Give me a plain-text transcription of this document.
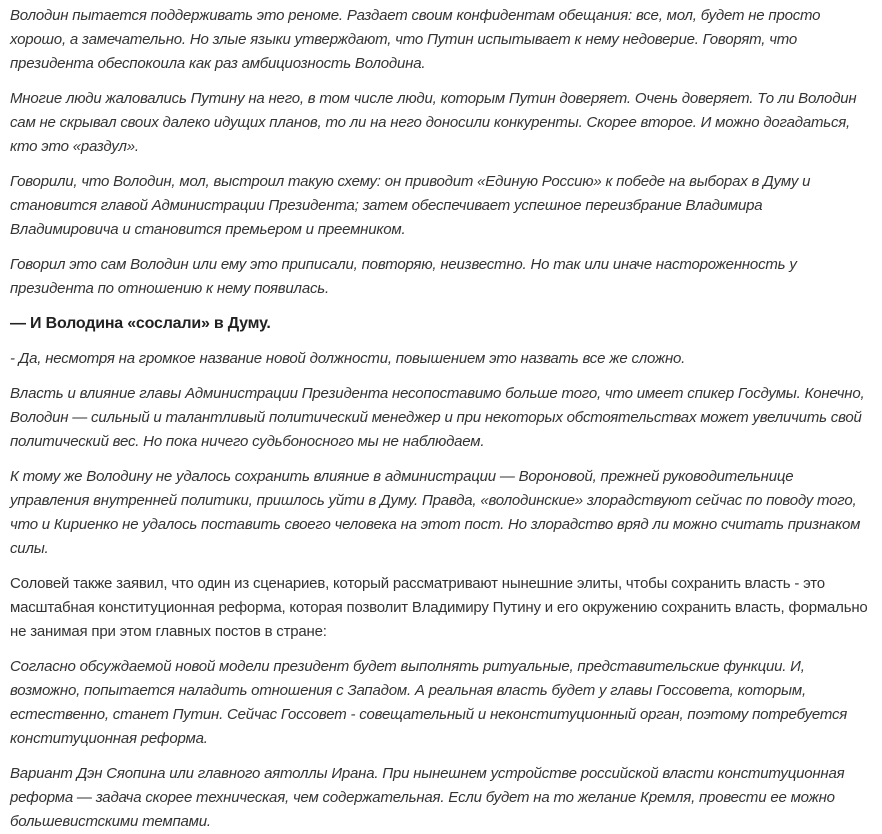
Володин пытается поддерживать это реноме. Раздает своим конфидентам обещания: все, мол, будет не просто хорошо, а замечательно. Но злые языки утверждают, что Путин испытывает к нему недоверие. Говорят, что президента обеспокоила как раз амбициозность Володина.

Многие люди жаловались Путину на него, в том числе люди, которым Путин доверяет. Очень доверяет. То ли Володин сам не скрывал своих далеко идущих планов, то ли на него доносили конкуренты. Скорее второе. И можно догадаться, кто это «раздул».

Говорили, что Володин, мол, выстроил такую схему: он приводит «Единую Россию» к победе на выборах в Думу и становится главой Администрации Президента; затем обеспечивает успешное переизбрание Владимира Владимировича и становится премьером и преемником.

Говорил это сам Володин или ему это приписали, повторяю, неизвестно. Но так или иначе настороженность у президента по отношению к нему появилась.

— И Володина «сослали» в Думу.

- Да, несмотря на громкое название новой должности, повышением это назвать все же сложно.

Власть и влияние главы Администрации Президента несопоставимо больше того, что имеет спикер Госдумы. Конечно, Володин — сильный и талантливый политический менеджер и при некоторых обстоятельствах может увеличить свой политический вес. Но пока ничего судьбоносного мы не наблюдаем.

К тому же Володину не удалось сохранить влияние в администрации — Вороновой, прежней руководительнице управления внутренней политики, пришлось уйти в Думу. Правда, «володинские» злорадствуют сейчас по поводу того, что и Кириенко не удалось поставить своего человека на этот пост. Но злорадство вряд ли можно считать признаком силы.

Соловей также заявил, что один из сценариев, который рассматривают нынешние элиты, чтобы сохранить власть - это масштабная конституционная реформа, которая позволит Владимиру Путину и его окружению сохранить власть, формально не занимая при этом главных постов в стране:

Согласно обсуждаемой новой модели президент будет выполнять ритуальные, представительские функции. И, возможно, попытается наладить отношения с Западом. А реальная власть будет у главы Госсовета, которым, естественно, станет Путин. Сейчас Госсовет - совещательный и неконституционный орган, поэтому потребуется конституционная реформа.

Вариант Дэн Сяопина или главного аятоллы Ирана. При нынешнем устройстве российской власти конституционная реформа — задача скорее техническая, чем содержательная. Если будет на то желание Кремля, провести ее можно большевистскими темпами.
